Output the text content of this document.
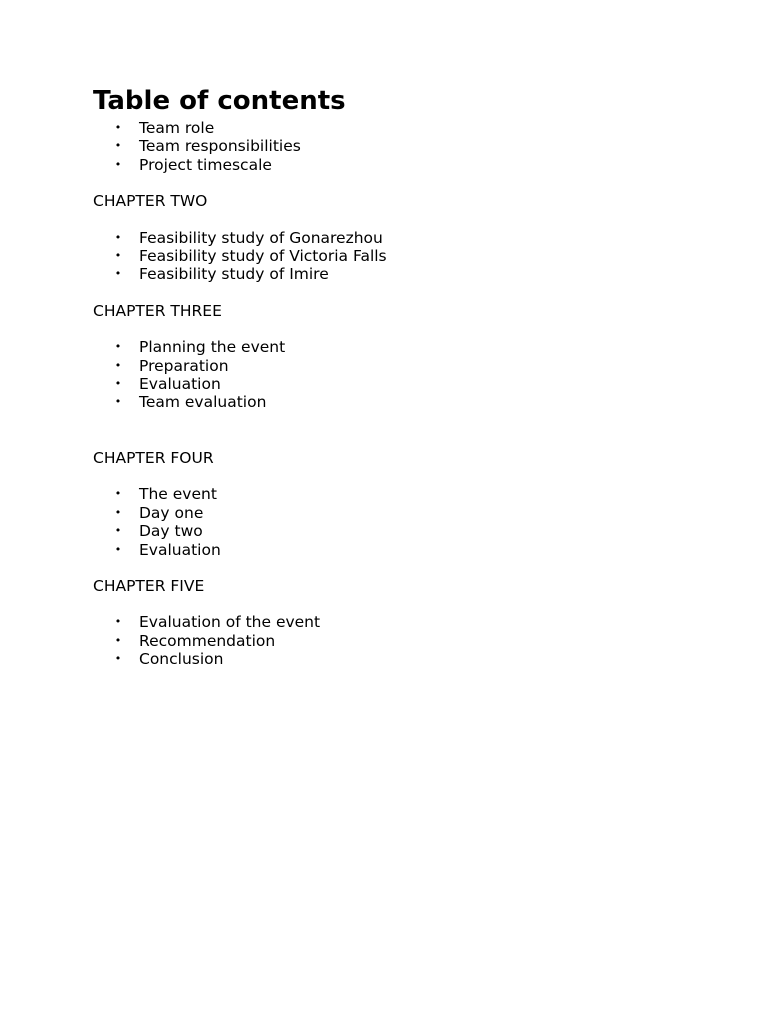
Table of contents
• Team role
• Team responsibilities
• Project timescale
CHAPTER TWO
• Feasibility study of Gonarezhou
• Feasibility study of Victoria Falls
• Feasibility study of Imire
CHAPTER THREE
• Planning the event
• Preparation
• Evaluation
• Team evaluation
CHAPTER FOUR
• The event
• Day one
• Day two
• Evaluation
CHAPTER FIVE
• Evaluation of the event
• Recommendation
• Conclusion
